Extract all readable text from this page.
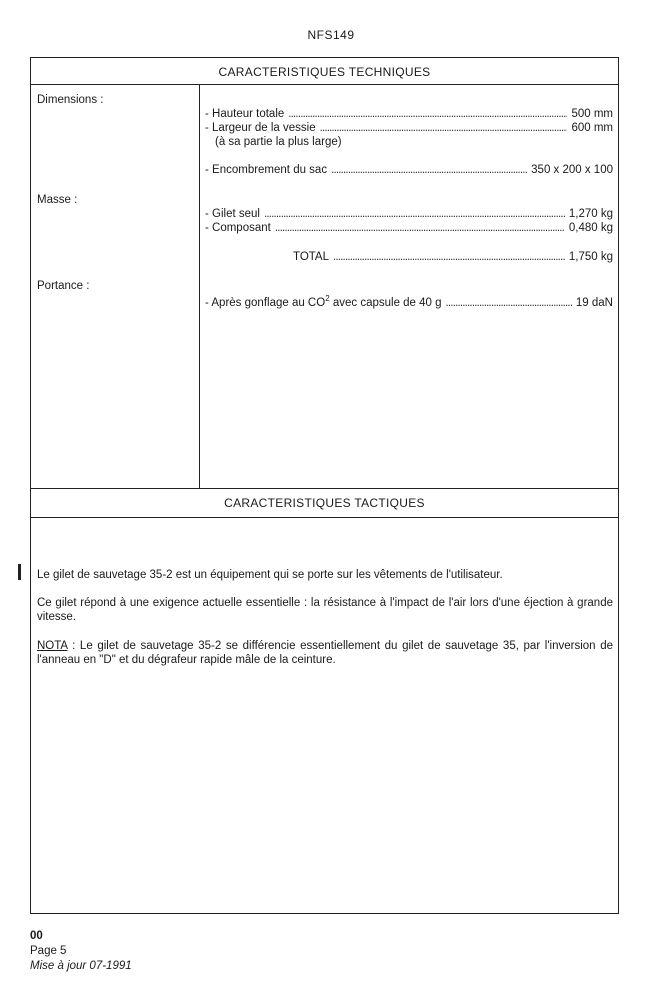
NFS149
CARACTERISTIQUES TECHNIQUES
Dimensions :
- Hauteur totale . . .	500 mm
- Largeur de la vessie . . .	600 mm
(à sa partie la plus large)
- Encombrement du sac . . .	350 x 200 x 100
Masse :
- Gilet seul . . .	1,270 kg
- Composant . . .	0,480 kg
TOTAL . . .	1,750 kg
Portance :
- Après gonflage au $CO^2$ avec capsule de 40 g . . .	19 daN
CARACTERISTIQUES TACTIQUES
Le gilet de sauvetage 35-2 est un équipement qui se porte sur les vêtements de l'utilisateur.
Ce gilet répond à une exigence actuelle essentielle : la résistance à l'impact de l'air lors d'une éjection à grande vitesse.
NOTA : Le gilet de sauvetage 35-2 se différencie essentiellement du gilet de sauvetage 35, par l'inversion de l'anneau en "D" et du dégrafeur rapide mâle de la ceinture.
00
Page 5
Mise à jour 07-1991
